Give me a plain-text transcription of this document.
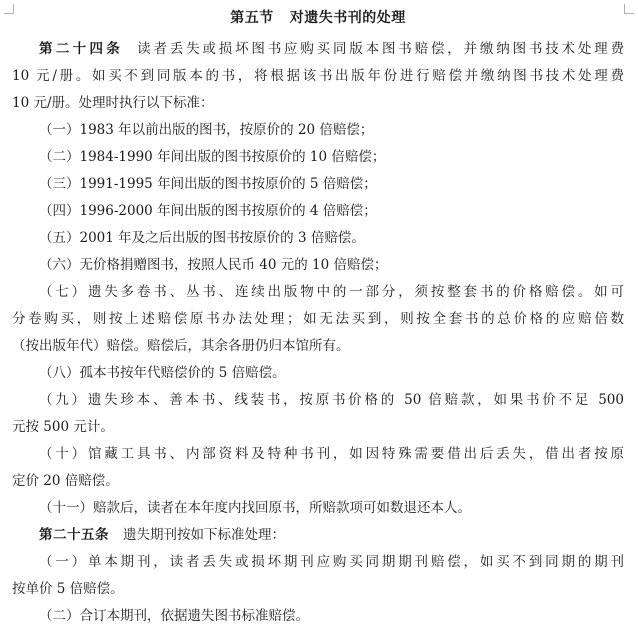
第五节 对遗失书刊的处理
第二十四条 读者丢失或损坏图书应购买同版本图书赔偿，并缴纳图书技术处理费
10 元/册。如买不到同版本的书，将根据该书出版年份进行赔偿并缴纳图书技术处理费
10 元/册。处理时执行以下标准：
（一）1983 年以前出版的图书，按原价的 20 倍赔偿；
（二）1984-1990 年间出版的图书按原价的 10 倍赔偿；
（三）1991-1995 年间出版的图书按原价的 5 倍赔偿；
（四）1996-2000 年间出版的图书按原价的 4 倍赔偿；
（五）2001 年及之后出版的图书按原价的 3 倍赔偿。
（六）无价格捐赠图书，按照人民币 40 元的 10 倍赔偿；
（七）遗失多卷书、丛书、连续出版物中的一部分，须按整套书的价格赔偿。如可
分卷购买，则按上述赔偿原书办法处理；如无法买到，则按全套书的总价格的应赔倍数
（按出版年代）赔偿。赔偿后，其余各册仍归本馆所有。
（八）孤本书按年代赔偿价的 5 倍赔偿。
（九）遗失珍本、善本书、线装书，按原书价格的 50 倍赔款，如果书价不足 500
元按 500 元计。
（十）馆藏工具书、内部资料及特种书刊，如因特殊需要借出后丢失，借出者按原
定价 20 倍赔偿。
（十一）赔款后，读者在本年度内找回原书，所赔款项可如数退还本人。
第二十五条 遗失期刊按如下标准处理：
（一）单本期刊，读者丢失或损坏期刊应购买同期期刊赔偿，如买不到同期的期刊
按单价 5 倍赔偿。
（二）合订本期刊，依据遗失图书标准赔偿。
